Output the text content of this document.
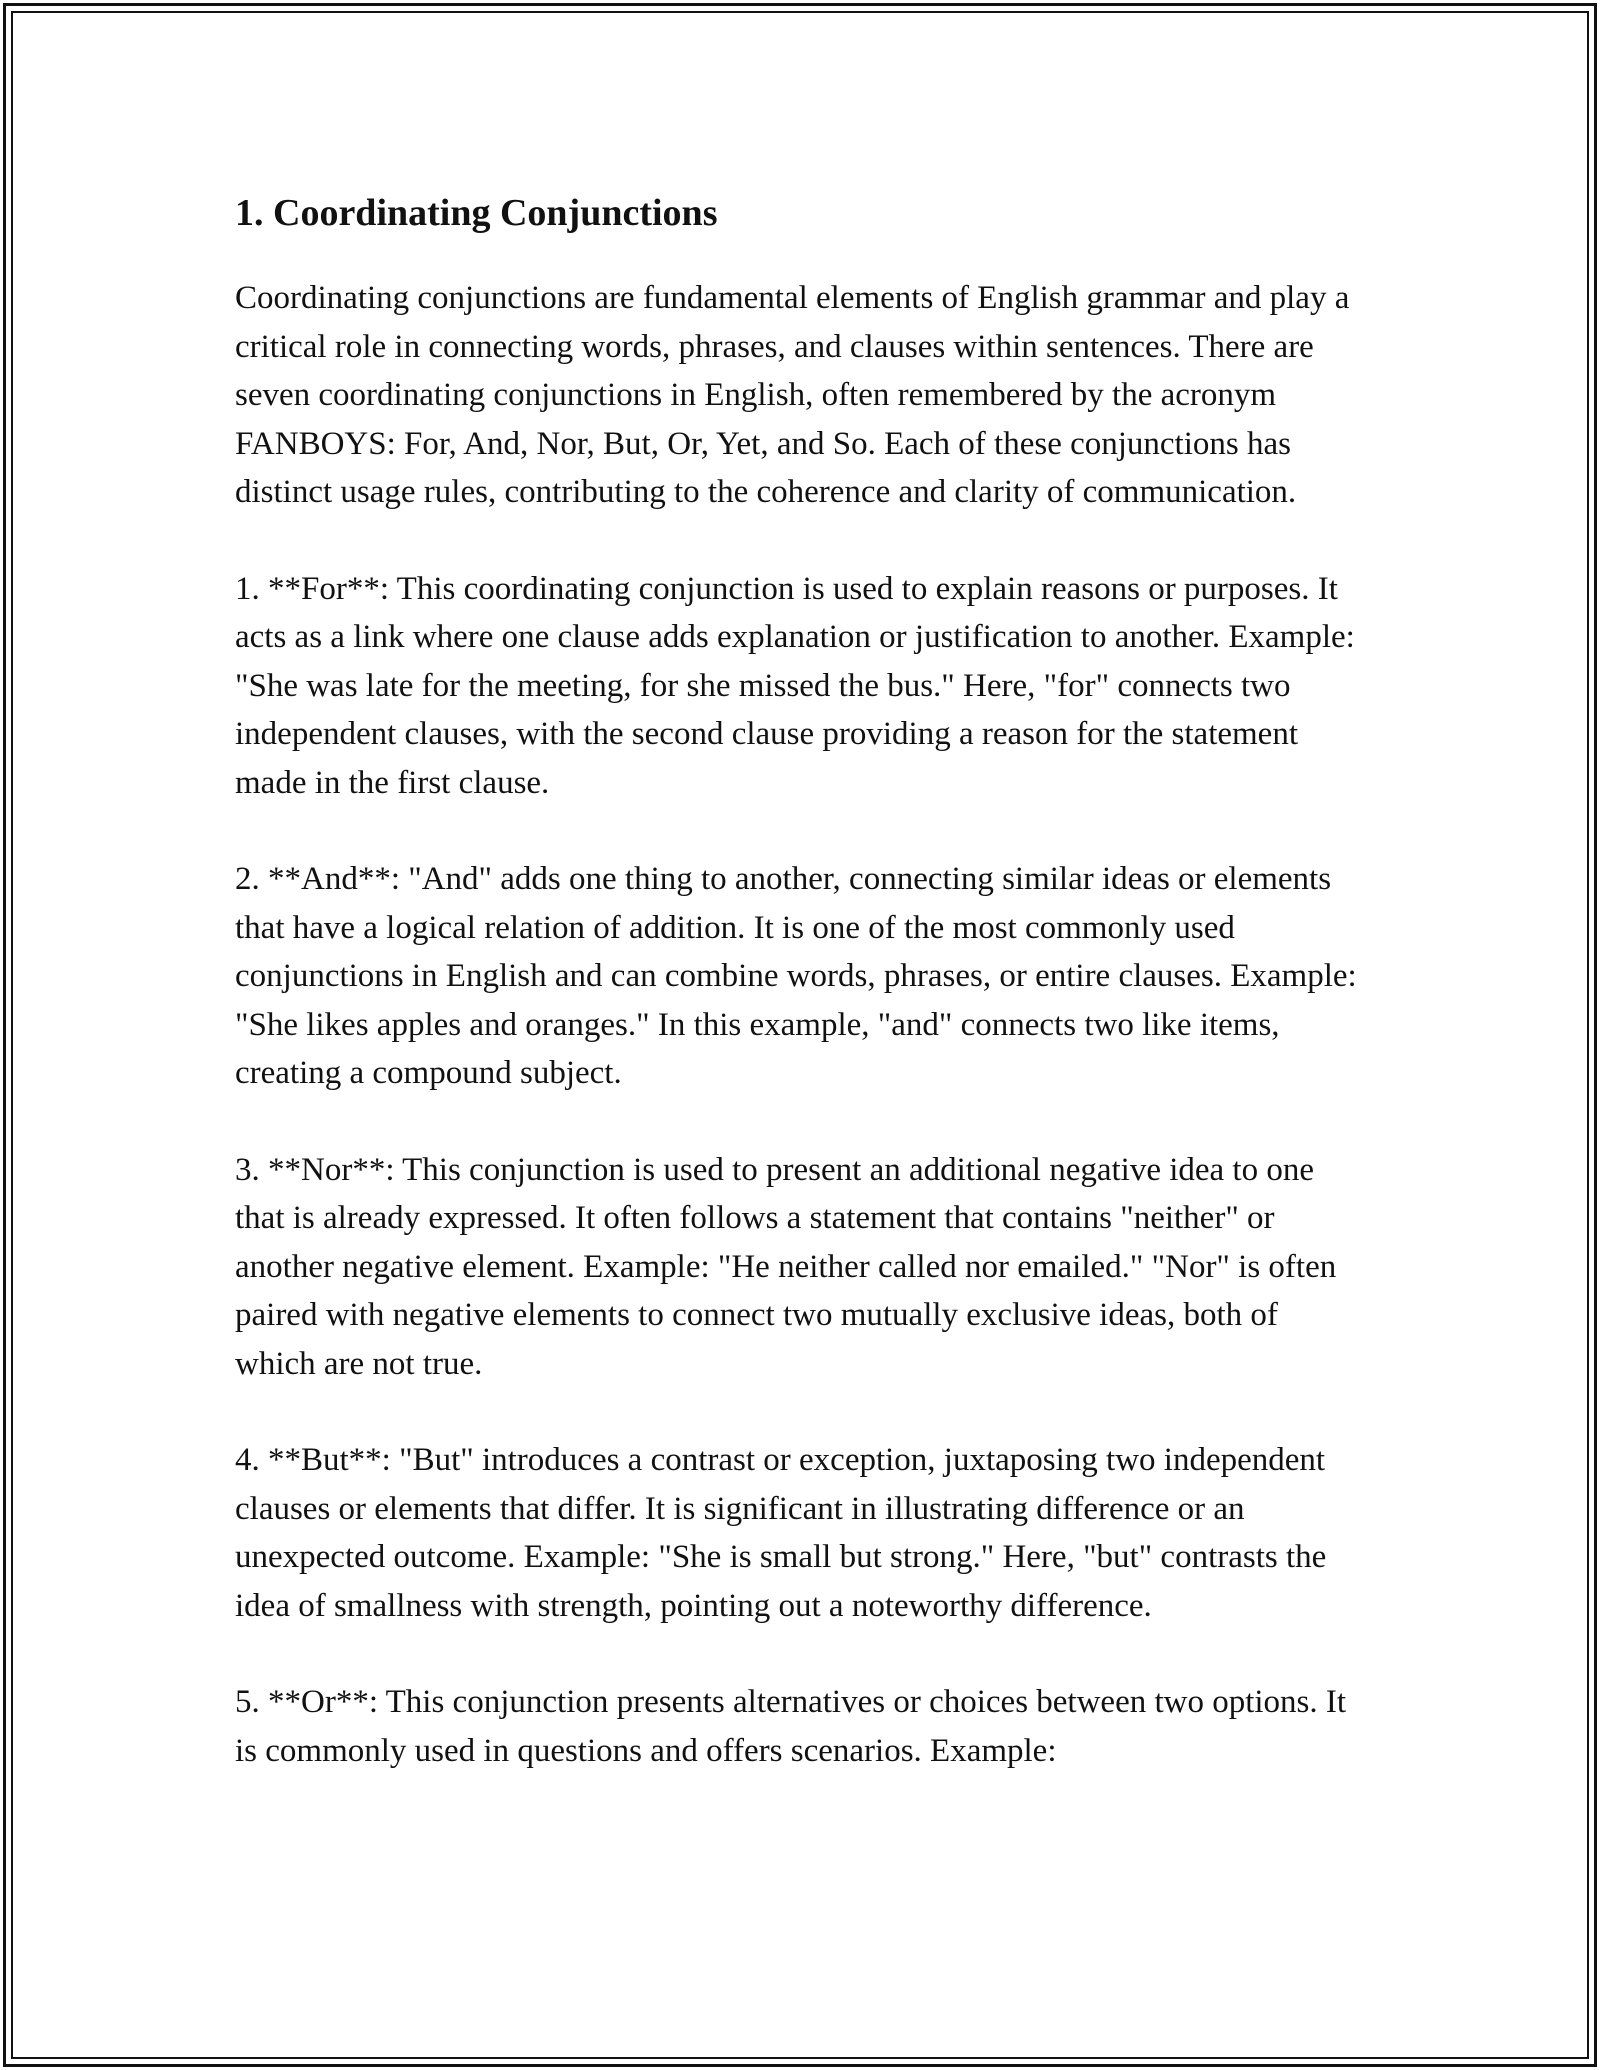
1. Coordinating Conjunctions

Coordinating conjunctions are fundamental elements of English grammar and play a critical role in connecting words, phrases, and clauses within sentences. There are seven coordinating conjunctions in English, often remembered by the acronym FANBOYS: For, And, Nor, But, Or, Yet, and So. Each of these conjunctions has distinct usage rules, contributing to the coherence and clarity of communication.

1. **For**: This coordinating conjunction is used to explain reasons or purposes. It acts as a link where one clause adds explanation or justification to another. Example: "She was late for the meeting, for she missed the bus." Here, "for" connects two independent clauses, with the second clause providing a reason for the statement made in the first clause.

2. **And**: "And" adds one thing to another, connecting similar ideas or elements that have a logical relation of addition. It is one of the most commonly used conjunctions in English and can combine words, phrases, or entire clauses. Example: "She likes apples and oranges." In this example, "and" connects two like items, creating a compound subject.

3. **Nor**: This conjunction is used to present an additional negative idea to one that is already expressed. It often follows a statement that contains "neither" or another negative element. Example: "He neither called nor emailed." "Nor" is often paired with negative elements to connect two mutually exclusive ideas, both of which are not true.

4. **But**: "But" introduces a contrast or exception, juxtaposing two independent clauses or elements that differ. It is significant in illustrating difference or an unexpected outcome. Example: "She is small but strong." Here, "but" contrasts the idea of smallness with strength, pointing out a noteworthy difference.

5. **Or**: This conjunction presents alternatives or choices between two options. It is commonly used in questions and offers scenarios. Example:
